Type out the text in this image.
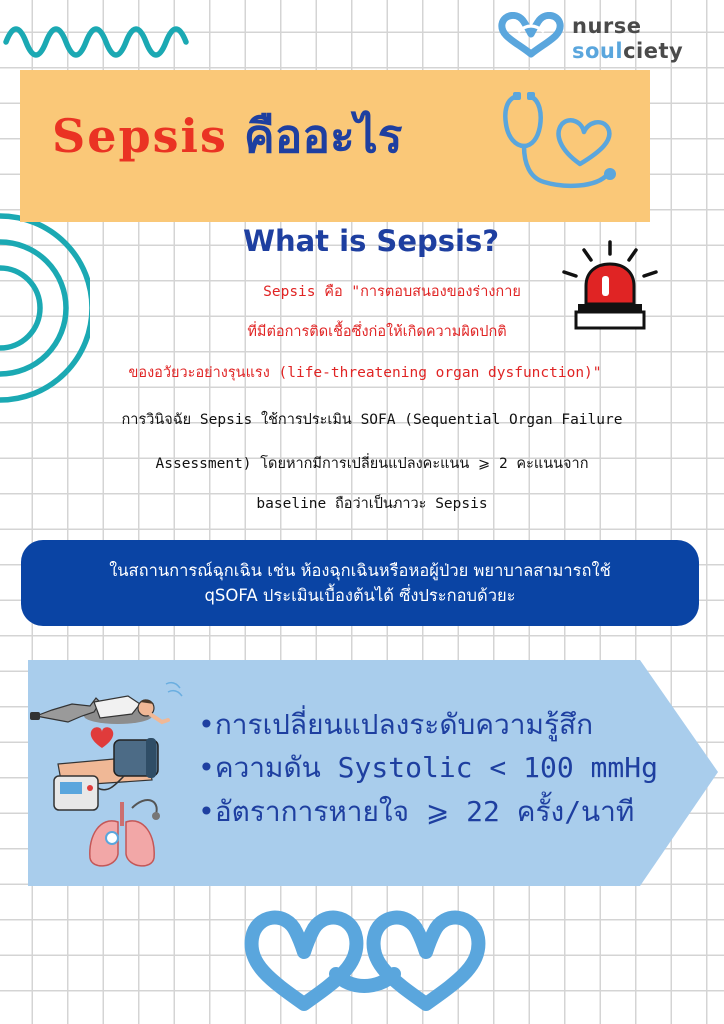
nurse
soulciety
Sepsis คืออะไร
What is Sepsis?
Sepsis คือ "การตอบสนองของร่างกาย
ที่มีต่อการติดเชื้อซึ่งก่อให้เกิดความผิดปกติ
ของอวัยวะอย่างรุนแรง (life-threatening organ dysfunction)"
การวินิจฉัย Sepsis ใช้การประเมิน SOFA (Sequential Organ Failure
Assessment) โดยหากมีการเปลี่ยนแปลงคะแนน ⩾ 2 คะแนนจาก
baseline ถือว่าเป็นภาวะ Sepsis
ในสถานการณ์ฉุกเฉิน เช่น ห้องฉุกเฉินหรือหอผู้ป่วย พยาบาลสามารถใช้
qSOFA ประเมินเบื้องต้นได้ ซึ่งประกอบด้วยะ
•การเปลี่ยนแปลงระดับความรู้สึก
•ความดัน Systolic < 100 mmHg
•อัตราการหายใจ ⩾ 22 ครั้ง/นาที
